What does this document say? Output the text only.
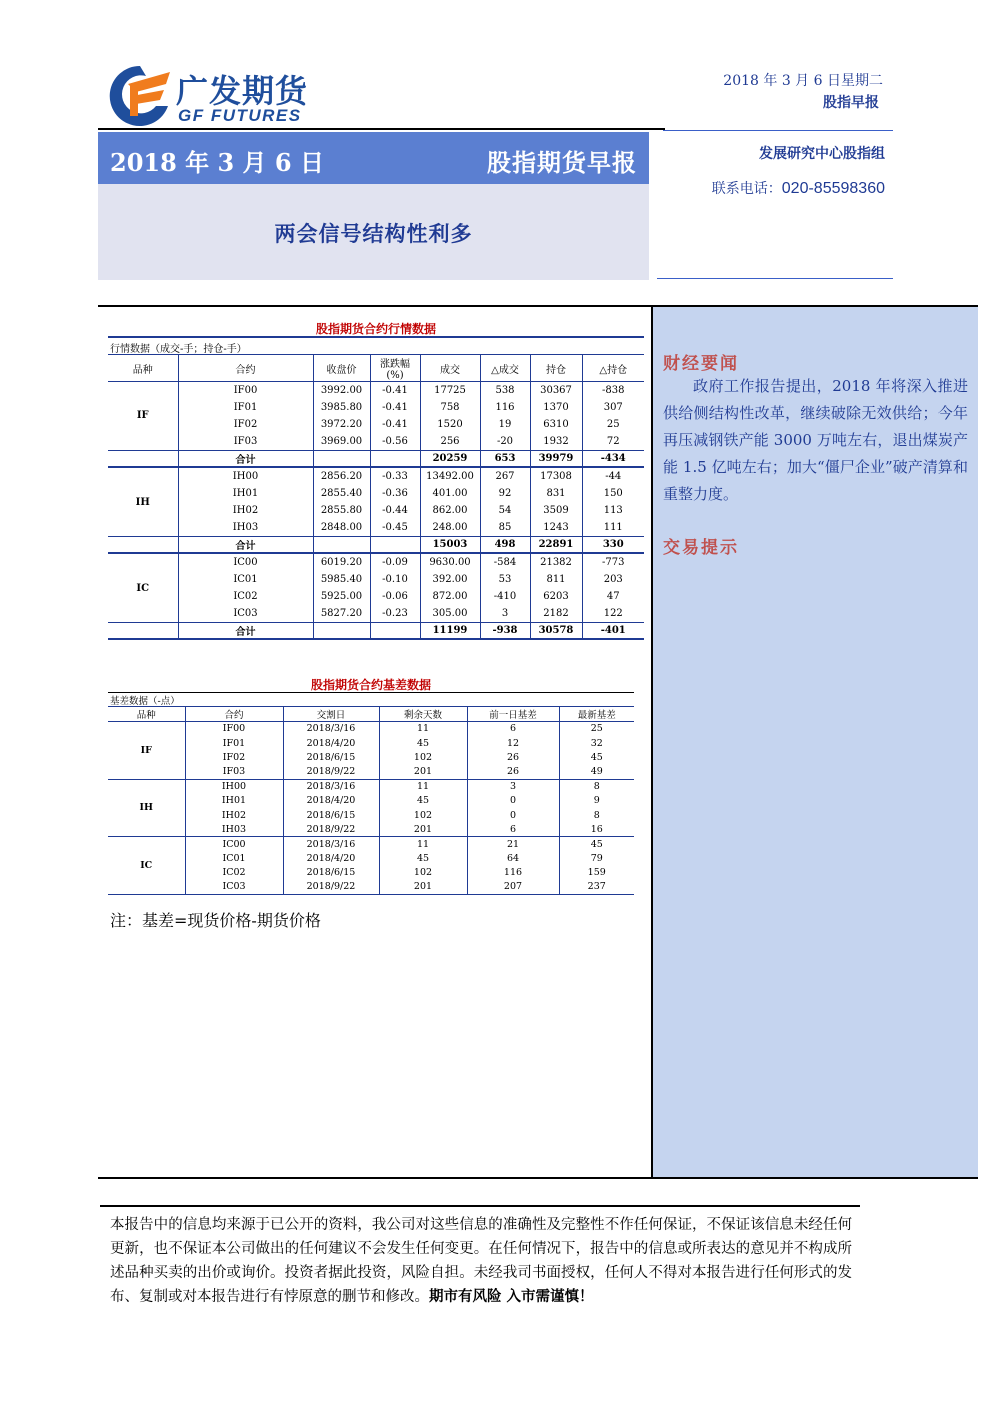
广发期货
GF FUTURES
2018 年 3 月 6 日星期二
股指早报
2018 年 3 月 6 日	股指期货早报
两会信号结构性利多
发展研究中心股指组
联系电话：020-85598360
股指期货合约行情数据
行情数据（成交-手；持仓-手）
品种	合约	收盘价	涨跌幅(%)	成交	△成交	持仓	△持仓
IF	IF00	3992.00	-0.41	17725	538	30367	-838
	IF01	3985.80	-0.41	758	116	1370	307
	IF02	3972.20	-0.41	1520	19	6310	25
	IF03	3969.00	-0.56	256	-20	1932	72
	合计			20259	653	39979	-434
IH	IH00	2856.20	-0.33	13492.00	267	17308	-44
	IH01	2855.40	-0.36	401.00	92	831	150
	IH02	2855.80	-0.44	862.00	54	3509	113
	IH03	2848.00	-0.45	248.00	85	1243	111
	合计			15003	498	22891	330
IC	IC00	6019.20	-0.09	9630.00	-584	21382	-773
	IC01	5985.40	-0.10	392.00	53	811	203
	IC02	5925.00	-0.06	872.00	-410	6203	47
	IC03	5827.20	-0.23	305.00	3	2182	122
	合计			11199	-938	30578	-401
股指期货合约基差数据
基差数据（-点）
品种	合约	交割日	剩余天数	前一日基差	最新基差
IF	IF00	2018/3/16	11	6	25
	IF01	2018/4/20	45	12	32
	IF02	2018/6/15	102	26	45
	IF03	2018/9/22	201	26	49
IH	IH00	2018/3/16	11	3	8
	IH01	2018/4/20	45	0	9
	IH02	2018/6/15	102	0	8
	IH03	2018/9/22	201	6	16
IC	IC00	2018/3/16	11	21	45
	IC01	2018/4/20	45	64	79
	IC02	2018/6/15	102	116	159
	IC03	2018/9/22	201	207	237
注：基差=现货价格-期货价格
财经要闻

政府工作报告提出，2018 年将深入推进供给侧结构性改革，继续破除无效供给；今年再压减钢铁产能 3000 万吨左右，退出煤炭产能 1.5 亿吨左右；加大“僵尸企业”破产清算和重整力度。

交易提示
本报告中的信息均来源于已公开的资料，我公司对这些信息的准确性及完整性不作任何保证，不保证该信息未经任何更新，也不保证本公司做出的任何建议不会发生任何变更。在任何情况下，报告中的信息或所表达的意见并不构成所述品种买卖的出价或询价。投资者据此投资，风险自担。未经我司书面授权，任何人不得对本报告进行任何形式的发布、复制或对本报告进行有悖原意的删节和修改。期市有风险 入市需谨慎！
